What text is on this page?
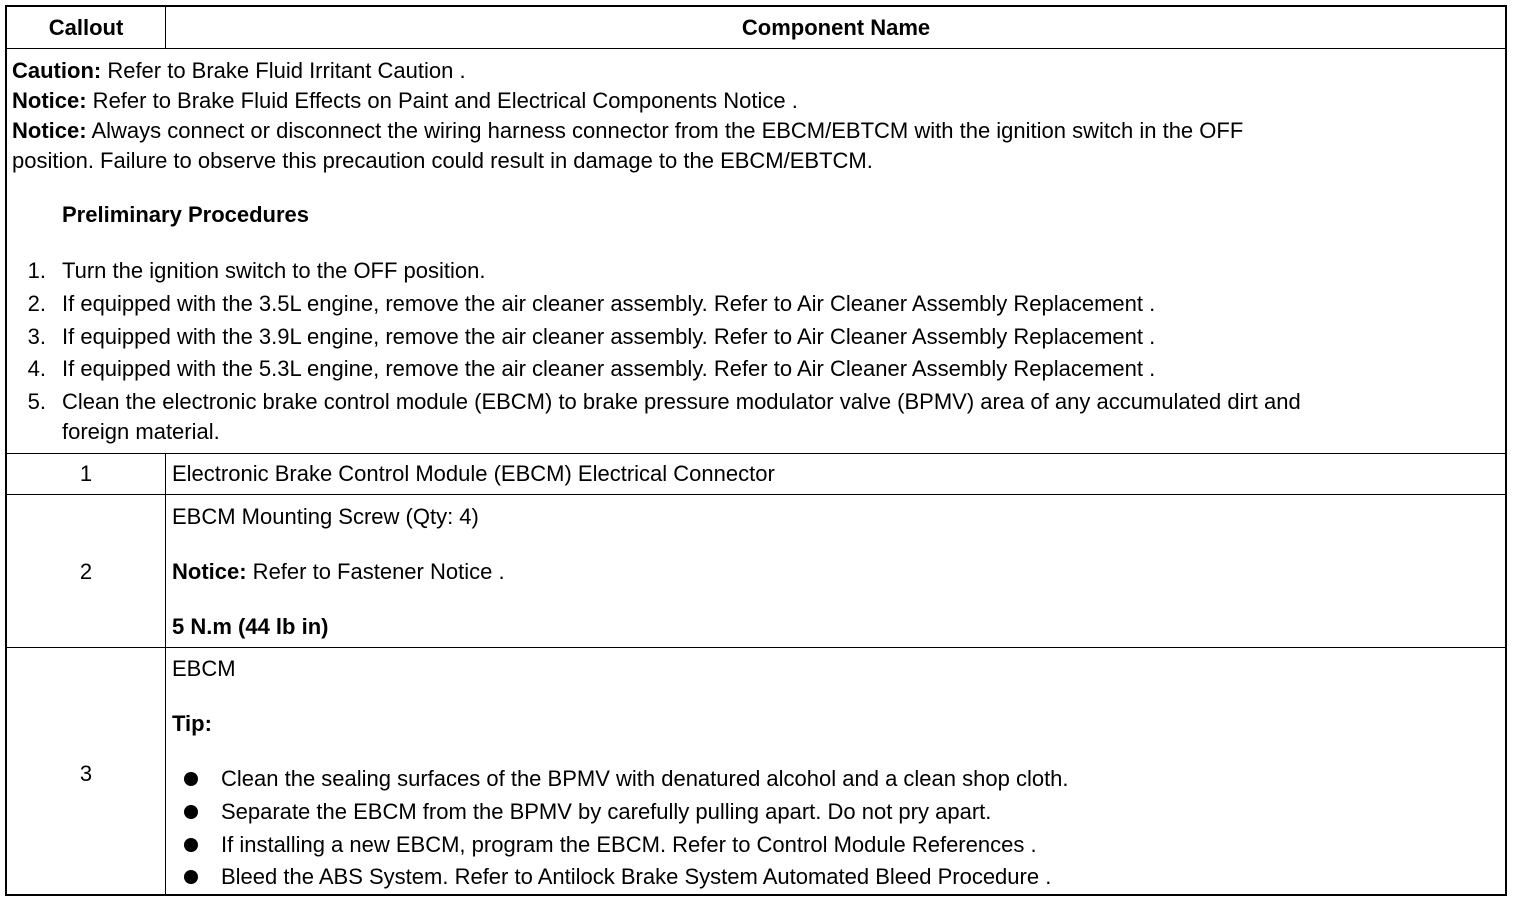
Callout	Component Name
Caution: Refer to Brake Fluid Irritant Caution .
Notice: Refer to Brake Fluid Effects on Paint and Electrical Components Notice .
Notice: Always connect or disconnect the wiring harness connector from the EBCM/EBTCM with the ignition switch in the OFF
position. Failure to observe this precaution could result in damage to the EBCM/EBTCM.
Preliminary Procedures
1. Turn the ignition switch to the OFF position.
2. If equipped with the 3.5L engine, remove the air cleaner assembly. Refer to Air Cleaner Assembly Replacement .
3. If equipped with the 3.9L engine, remove the air cleaner assembly. Refer to Air Cleaner Assembly Replacement .
4. If equipped with the 5.3L engine, remove the air cleaner assembly. Refer to Air Cleaner Assembly Replacement .
5. Clean the electronic brake control module (EBCM) to brake pressure modulator valve (BPMV) area of any accumulated dirt and
foreign material.
1	Electronic Brake Control Module (EBCM) Electrical Connector
2
EBCM Mounting Screw (Qty: 4)
Notice: Refer to Fastener Notice .
5 N.m (44 lb in)
3
EBCM
Tip:
Clean the sealing surfaces of the BPMV with denatured alcohol and a clean shop cloth.
Separate the EBCM from the BPMV by carefully pulling apart. Do not pry apart.
If installing a new EBCM, program the EBCM. Refer to Control Module References .
Bleed the ABS System. Refer to Antilock Brake System Automated Bleed Procedure .
